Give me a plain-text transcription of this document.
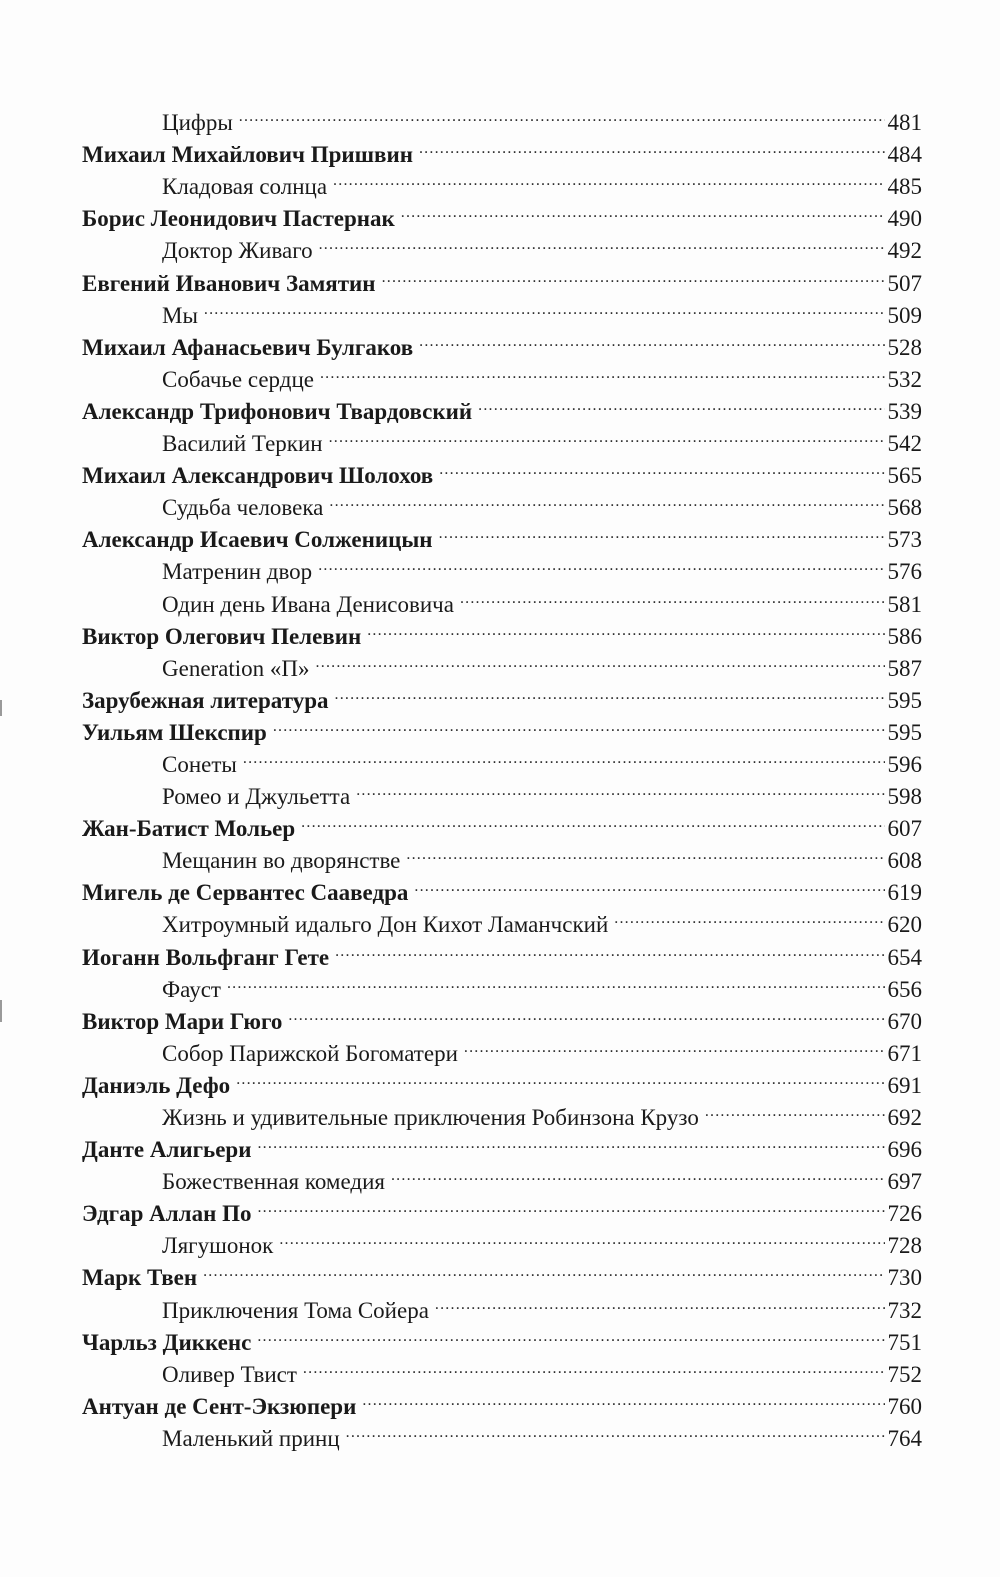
Цифры .....	481
Михаил Михайлович Пришвин .....	484
Кладовая солнца .....	485
Борис Леонидович Пастернак .....	490
Доктор Живаго .....	492
Евгений Иванович Замятин .....	507
Мы .....	509
Михаил Афанасьевич Булгаков .....	528
Собачье сердце .....	532
Александр Трифонович Твардовский .....	539
Василий Теркин .....	542
Михаил Александрович Шолохов .....	565
Судьба человека .....	568
Александр Исаевич Солженицын .....	573
Матренин двор .....	576
Один день Ивана Денисовича .....	581
Виктор Олегович Пелевин .....	586
Generation «П» .....	587
Зарубежная литература .....	595
Уильям Шекспир .....	595
Сонеты .....	596
Ромео и Джульетта .....	598
Жан-Батист Мольер .....	607
Мещанин во дворянстве .....	608
Мигель де Сервантес Сааведра .....	619
Хитроумный идальго Дон Кихот Ламанчский .....	620
Иоганн Вольфганг Гете .....	654
Фауст .....	656
Виктор Мари Гюго .....	670
Собор Парижской Богоматери .....	671
Даниэль Дефо .....	691
Жизнь и удивительные приключения Робинзона Крузо .....	692
Данте Алигьери .....	696
Божественная комедия .....	697
Эдгар Аллан По .....	726
Лягушонок .....	728
Марк Твен .....	730
Приключения Тома Сойера .....	732
Чарльз Диккенс .....	751
Оливер Твист .....	752
Антуан де Сент-Экзюпери .....	760
Маленький принц .....	764
